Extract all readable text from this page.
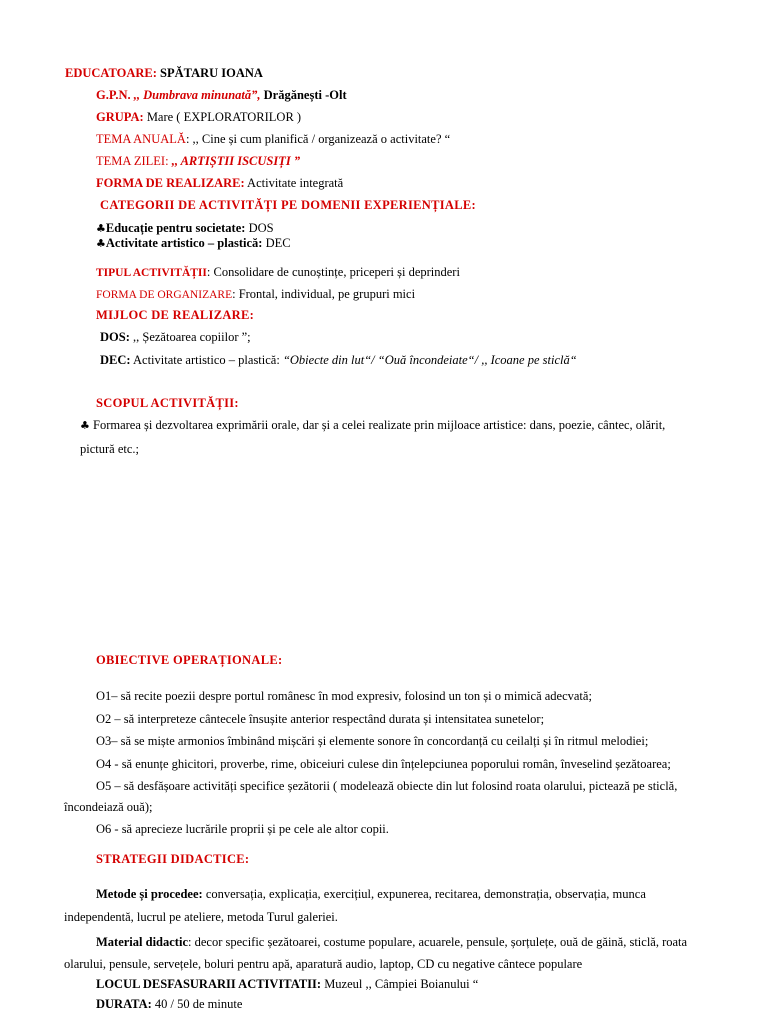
EDUCATOARE: SPĂTARU IOANA
G.P.N. ,, Dumbrava minunată”, Drăgănești -Olt
GRUPA: Mare ( EXPLORATORILOR )
TEMA ANUALĂ: ,, Cine și cum planifică / organizează o activitate? “
TEMA ZILEI: ,, ARTIȘTII ISCUSIȚI ”
FORMA DE REALIZARE: Activitate integrată
CATEGORII DE ACTIVITĂȚI PE DOMENII EXPERIENȚIALE:
♣Educație pentru societate: DOS
♣Activitate artistico – plastică: DEC
TIPUL ACTIVITĂȚII: Consolidare de cunoștințe, priceperi și deprinderi
FORMA DE ORGANIZARE: Frontal, individual, pe grupuri mici
MIJLOC DE REALIZARE:
DOS: ,, Șezătoarea copiilor ”;
DEC: Activitate artistico – plastică: “Obiecte din lut“/ “Ouă încondeiate“/ ,, Icoane pe sticlă“
SCOPUL ACTIVITĂȚII:
♣ Formarea și dezvoltarea exprimării orale, dar și a celei realizate prin mijloace artistice: dans, poezie, cântec, olărit,
pictură etc.;
OBIECTIVE OPERAȚIONALE:
O1– să recite poezii despre portul românesc în mod expresiv, folosind un ton și o mimică adecvată;
O2 – să interpreteze cântecele însușite anterior respectând durata și intensitatea sunetelor;
O3– să se miște armonios îmbinând mișcări și elemente sonore în concordanță cu ceilalți și în ritmul melodiei;
O4 - să enunțe ghicitori, proverbe, rime, obiceiuri culese din înțelepciunea poporului român, înveselind șezătoarea;
O5 – să desfășoare activități specifice șezătorii ( modelează obiecte din lut folosind roata olarului, pictează pe sticlă,
încondeiază ouă);
O6 - să aprecieze lucrările proprii și pe cele ale altor copii.
STRATEGII DIDACTICE:
Metode și procedee: conversația, explicația, exercițiul, expunerea, recitarea, demonstrația, observația, munca
independentă, lucrul pe ateliere, metoda Turul galeriei.
Material didactic: decor specific șezătoarei, costume populare, acuarele, pensule, șorțulețe, ouă de găină, sticlă, roata
olarului, pensule, servețele, boluri pentru apă, aparatură audio, laptop, CD cu negative cântece populare
LOCUL DESFASURARII ACTIVITATII: Muzeul ,, Câmpiei Boianului “
DURATA: 40 / 50 de minute
